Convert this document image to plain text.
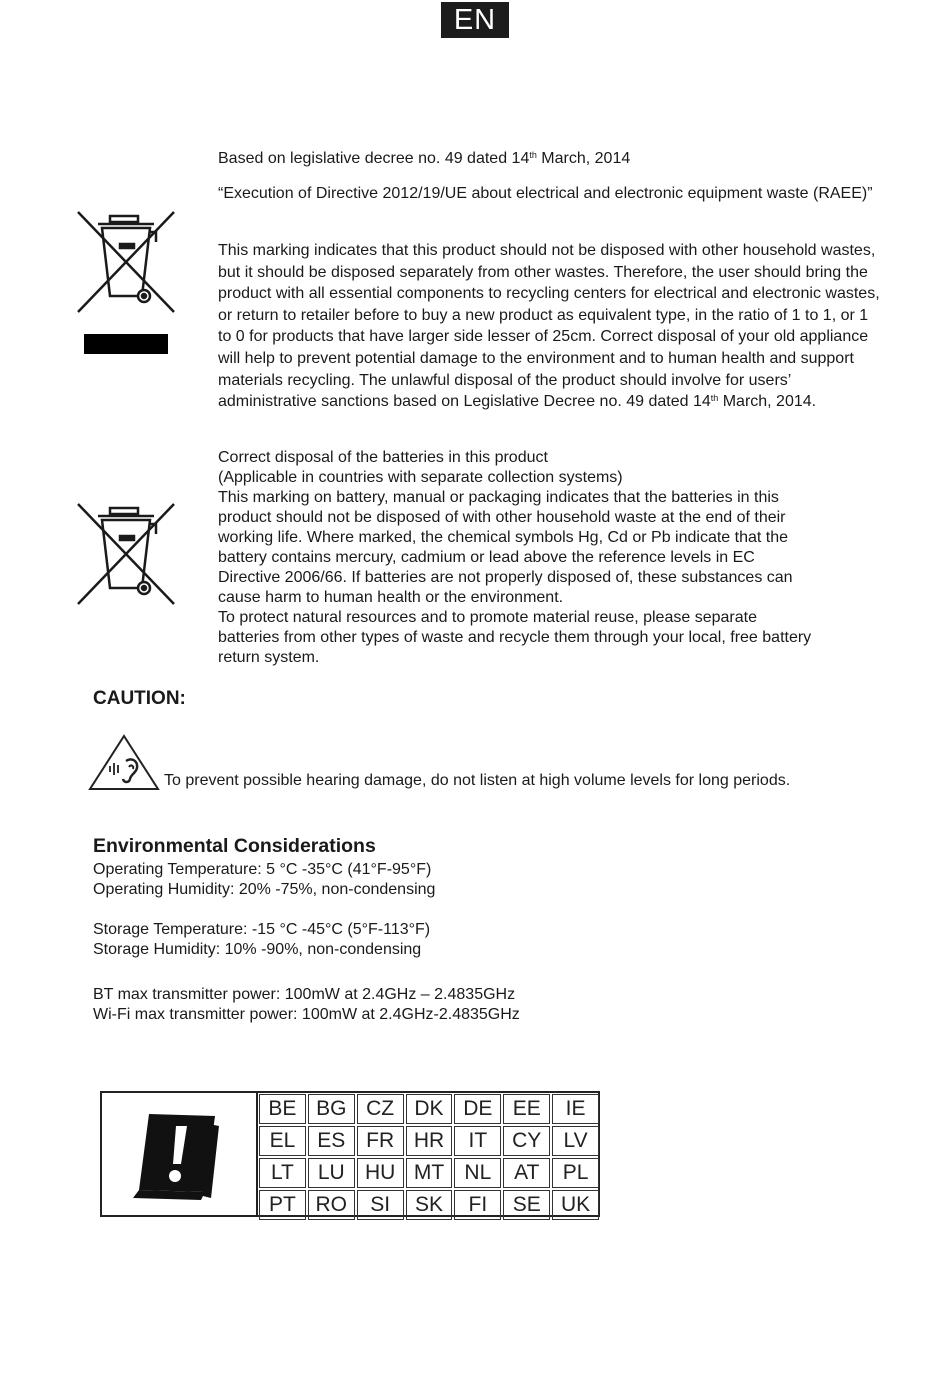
EN

Based on legislative decree no. 49 dated 14th March, 2014

“Execution of Directive 2012/19/UE about electrical and electronic equipment waste (RAEE)”

This marking indicates that this product should not be disposed with other household wastes, but it should be disposed separately from other wastes. Therefore, the user should bring the product with all essential components to recycling centers for electrical and electronic wastes, or return to retailer before to buy a new product as equivalent type, in the ratio of 1 to 1, or 1 to 0 for products that have larger side lesser of 25cm. Correct disposal of your old appliance will help to prevent potential damage to the environment and to human health and support materials recycling. The unlawful disposal of the product should involve for users’ administrative sanctions based on Legislative Decree no. 49 dated 14th March, 2014.

Correct disposal of the batteries in this product
(Applicable in countries with separate collection systems)
This marking on battery, manual or packaging indicates that the batteries in this product should not be disposed of with other household waste at the end of their working life. Where marked, the chemical symbols Hg, Cd or Pb indicate that the battery contains mercury, cadmium or lead above the reference levels in EC Directive 2006/66. If batteries are not properly disposed of, these substances can cause harm to human health or the environment.
To protect natural resources and to promote material reuse, please separate batteries from other types of waste and recycle them through your local, free battery return system.

CAUTION:
To prevent possible hearing damage, do not listen at high volume levels for long periods.
Environmental Considerations
Operating Temperature: 5 °C -35°C (41°F-95°F)
Operating Humidity: 20% -75%, non-condensing
Storage Temperature: -15 °C -45°C (5°F-113°F)
Storage Humidity: 10% -90%, non-condensing
BT max transmitter power: 100mW at 2.4GHz – 2.4835GHz
Wi-Fi max transmitter power: 100mW at 2.4GHz-2.4835GHz
BE BG CZ DK DE EE	IE
EL	ES FR HR	IT	CY	LV
LT	LU HU MT NL	AT	PL
PT RO	SI	SK	FI	SE UK
